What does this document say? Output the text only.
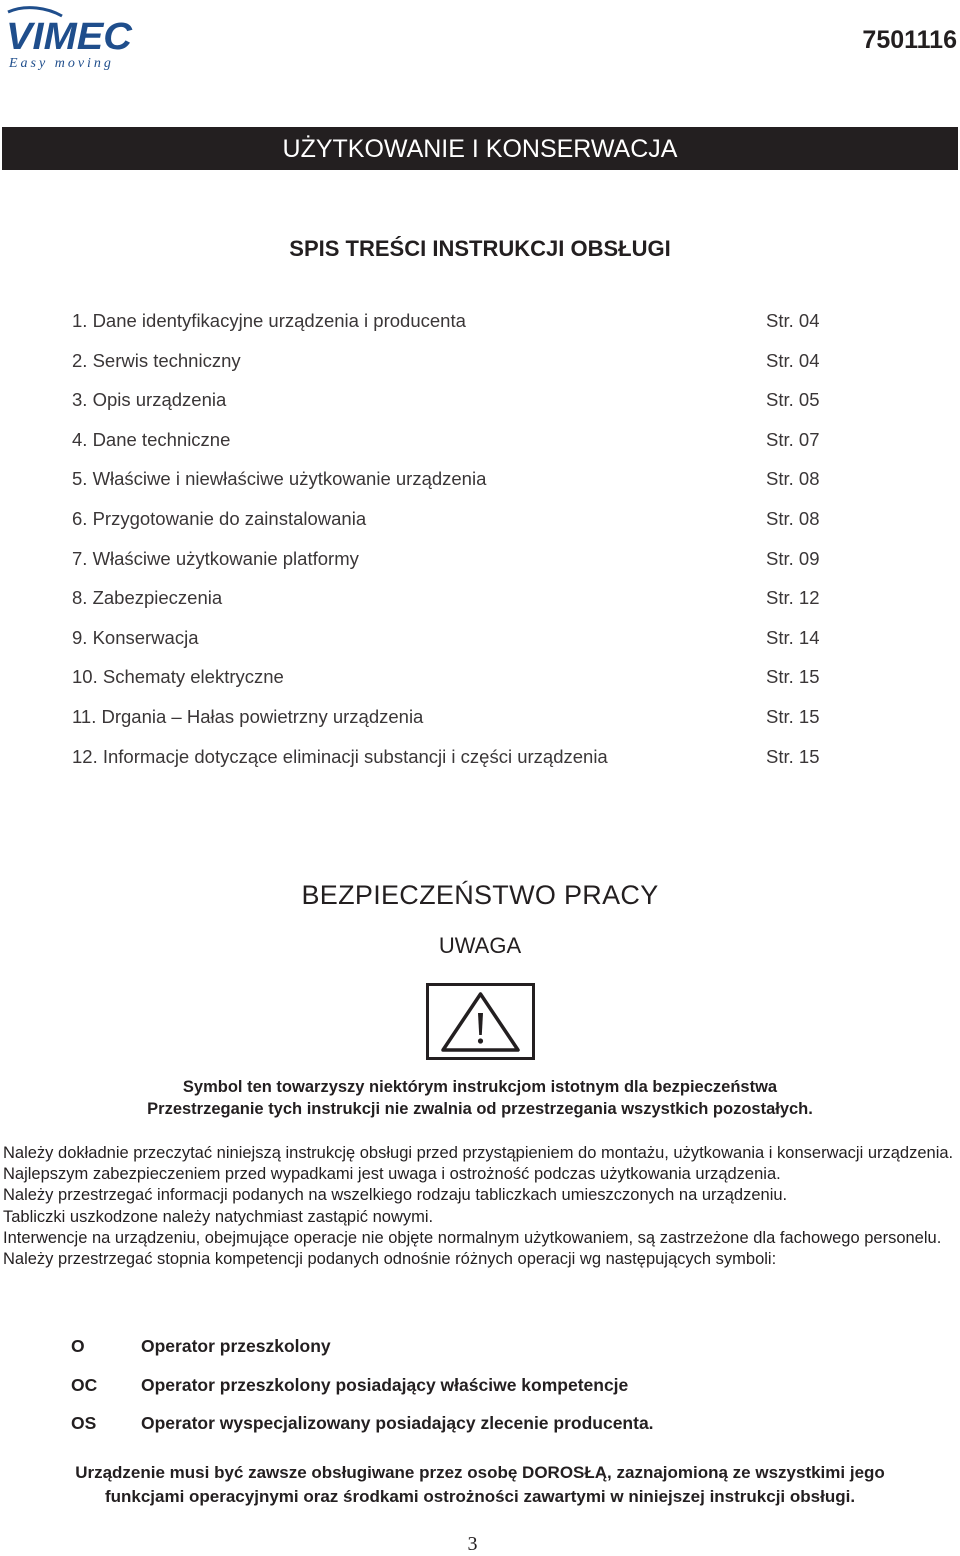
VIMEC
Easy moving
7501116
UŻYTKOWANIE I KONSERWACJA
SPIS TREŚCI INSTRUKCJI OBSŁUGI
1. Dane identyfikacyjne urządzenia i producenta	Str. 04
2. Serwis techniczny	Str. 04
3. Opis urządzenia	Str. 05
4. Dane techniczne	Str. 07
5. Właściwe i niewłaściwe użytkowanie urządzenia	Str. 08
6. Przygotowanie do zainstalowania	Str. 08
7. Właściwe użytkowanie platformy	Str. 09
8. Zabezpieczenia	Str. 12
9. Konserwacja	Str. 14
10. Schematy elektryczne	Str. 15
11. Drgania – Hałas powietrzny urządzenia	Str. 15
12. Informacje dotyczące eliminacji substancji i części urządzenia	Str. 15
BEZPIECZEŃSTWO PRACY
UWAGA
Symbol ten towarzyszy niektórym instrukcjom istotnym dla bezpieczeństwa
Przestrzeganie tych instrukcji nie zwalnia od przestrzegania wszystkich pozostałych.

Należy dokładnie przeczytać niniejszą instrukcję obsługi przed przystąpieniem do montażu, użytkowania i konserwacji urządzenia.

Najlepszym zabezpieczeniem przed wypadkami jest uwaga i ostrożność podczas użytkowania urządzenia.

Należy przestrzegać informacji podanych na wszelkiego rodzaju tabliczkach umieszczonych na urządzeniu.

Tabliczki uszkodzone należy natychmiast zastąpić nowymi.

Interwencje na urządzeniu, obejmujące operacje nie objęte normalnym użytkowaniem, są zastrzeżone dla fachowego personelu.

Należy przestrzegać stopnia kompetencji podanych odnośnie różnych operacji wg następujących symboli:

O	Operator przeszkolony
OC	Operator przeszkolony posiadający właściwe kompetencje
OS	Operator wyspecjalizowany posiadający zlecenie producenta.
Urządzenie musi być zawsze obsługiwane przez osobę DOROSŁĄ, zaznajomioną ze wszystkimi jego
funkcjami operacyjnymi oraz środkami ostrożności zawartymi w niniejszej instrukcji obsługi.
3
